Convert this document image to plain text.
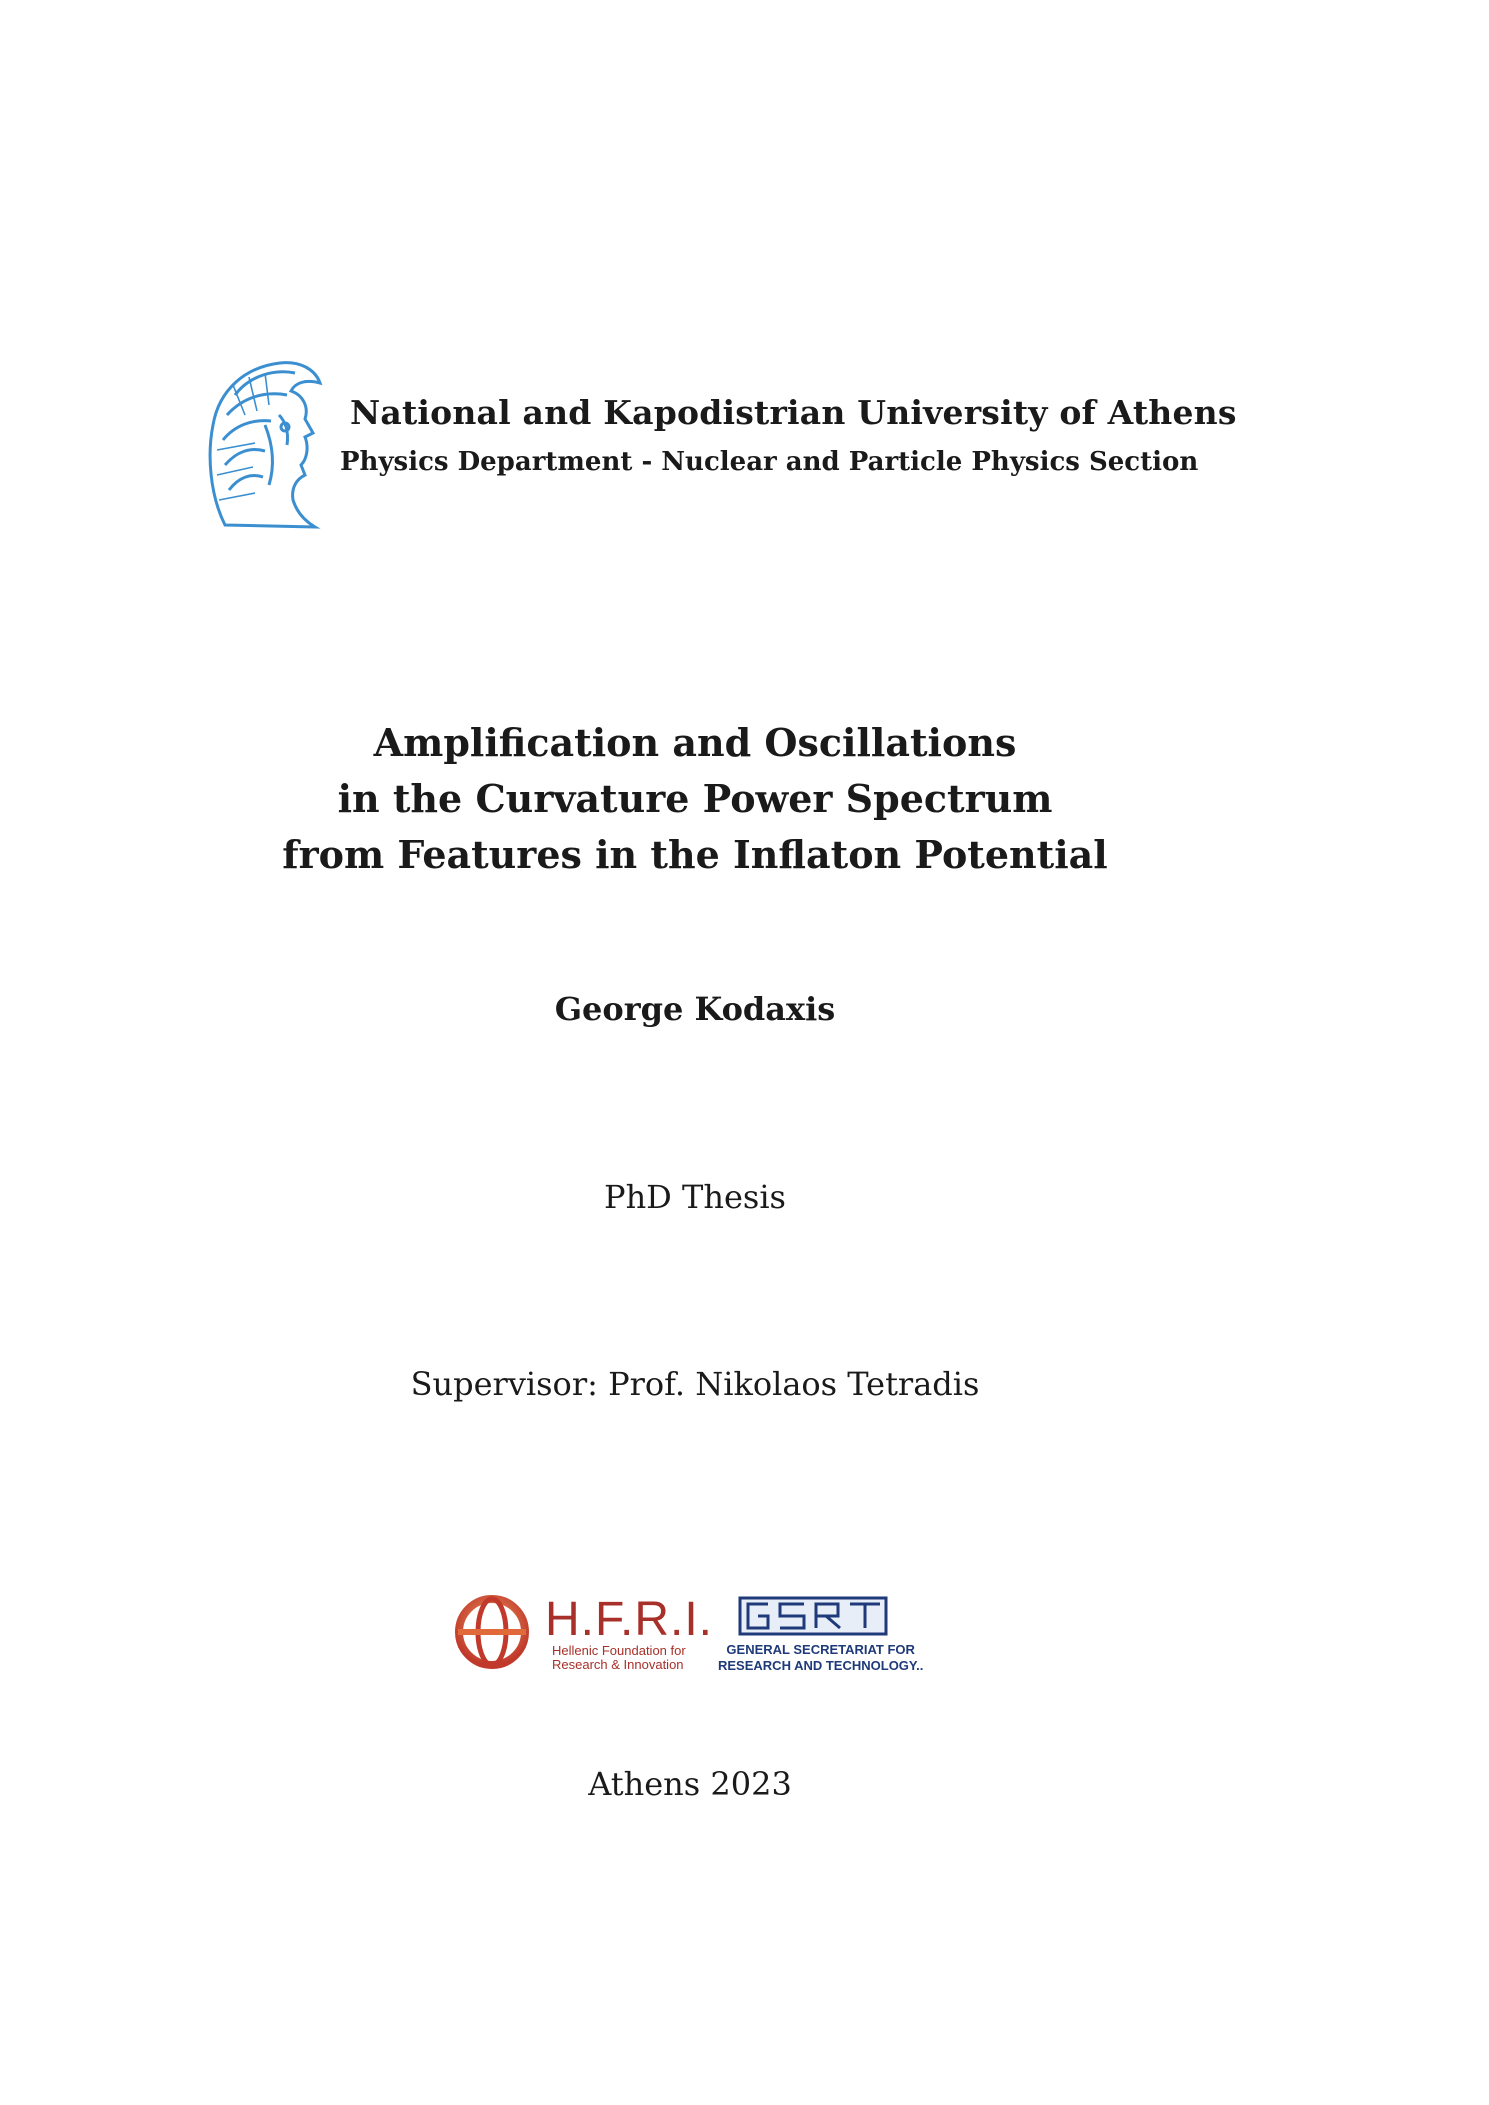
National and Kapodistrian University of Athens
Physics Department - Nuclear and Particle Physics Section
Amplification and Oscillations
in the Curvature Power Spectrum
from Features in the Inflaton Potential
George Kodaxis
PhD Thesis
Supervisor: Prof. Nikolaos Tetradis
H.F.R.I.
Hellenic Foundation for
Research & Innovation
GENERAL SECRETARIAT FOR
RESEARCH AND TECHNOLOGY..
Athens 2023
